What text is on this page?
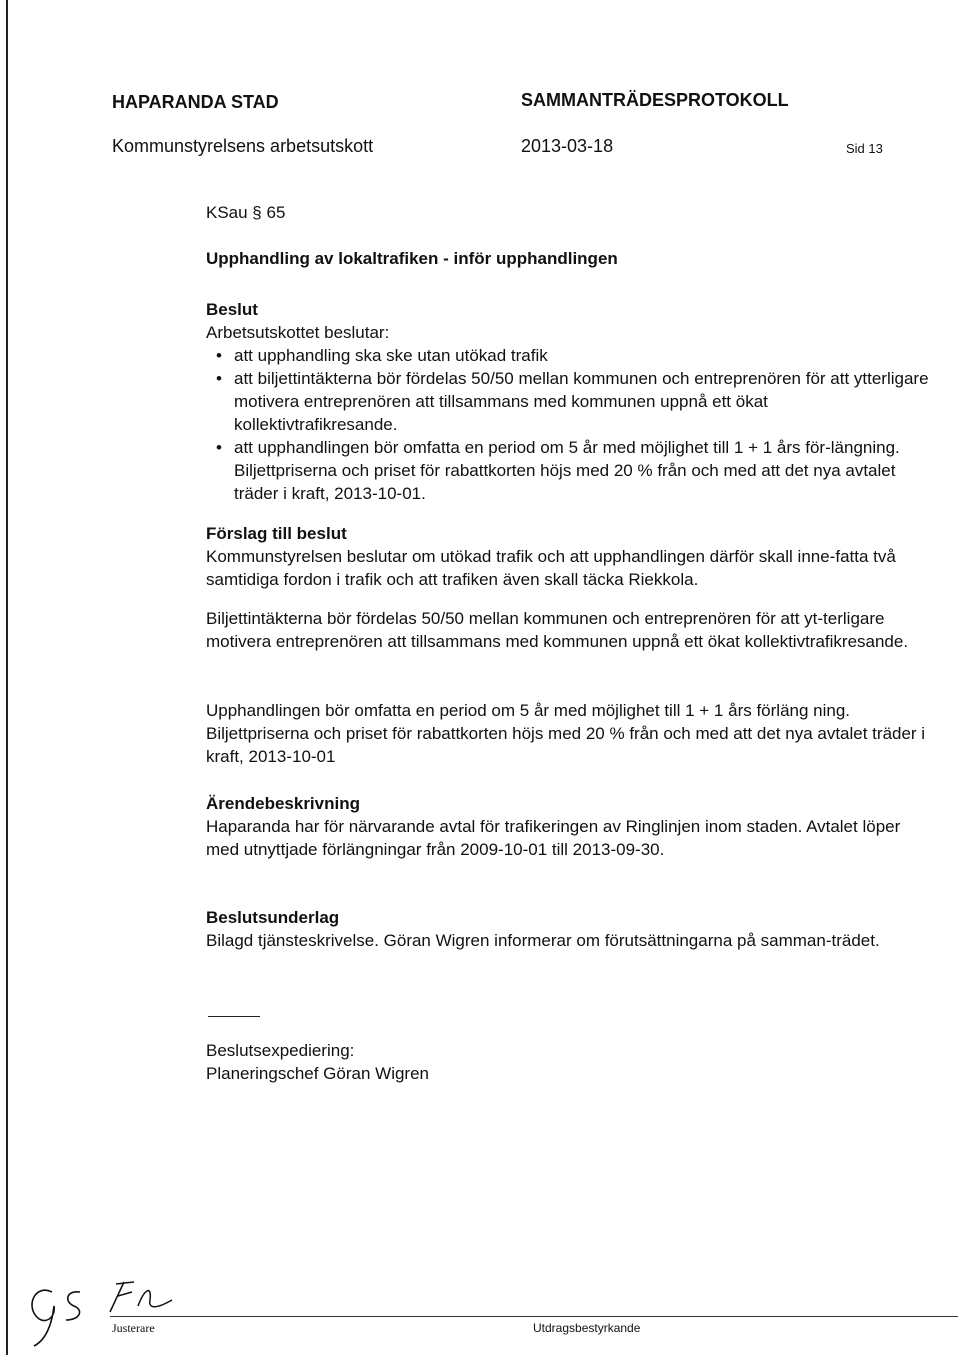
HAPARANDA STAD	SAMMANTRÄDESPROTOKOLL

Kommunstyrelsens arbetsutskott	2013-03-18	Sid 13

KSau § 65

Upphandling av lokaltrafiken - inför upphandlingen

Beslut

Arbetsutskottet beslutar:

• att upphandling ska ske utan utökad trafik
• att biljettintäkterna bör fördelas 50/50 mellan kommunen och entreprenören för att ytterligare motivera entreprenören att tillsammans med kommunen uppnå ett ökat kollektivtrafikresande.
• att upphandlingen bör omfatta en period om 5 år med möjlighet till 1 + 1 års för-längning. Biljettpriserna och priset för rabattkorten höjs med 20 % från och med att det nya avtalet träder i kraft, 2013-10-01.

Förslag till beslut

Kommunstyrelsen beslutar om utökad trafik och att upphandlingen därför skall inne-fatta två samtidiga fordon i trafik och att trafiken även skall täcka Riekkola.

Biljettintäkterna bör fördelas 50/50 mellan kommunen och entreprenören för att yt-terligare motivera entreprenören att tillsammans med kommunen uppnå ett ökat kollektivtrafikresande.

Upphandlingen bör omfatta en period om 5 år med möjlighet till 1 + 1 års förläng ning. Biljettpriserna och priset för rabattkorten höjs med 20 % från och med att det nya avtalet träder i kraft, 2013-10-01

Ärendebeskrivning

Haparanda har för närvarande avtal för trafikeringen av Ringlinjen inom staden. Avtalet löper med utnyttjade förlängningar från 2009-10-01 till 2013-09-30.

Beslutsunderlag

Bilagd tjänsteskrivelse. Göran Wigren informerar om förutsättningarna på samman-trädet.

Beslutsexpediering:

Planeringschef Göran Wigren

Justerare	Utdragsbestyrkande
